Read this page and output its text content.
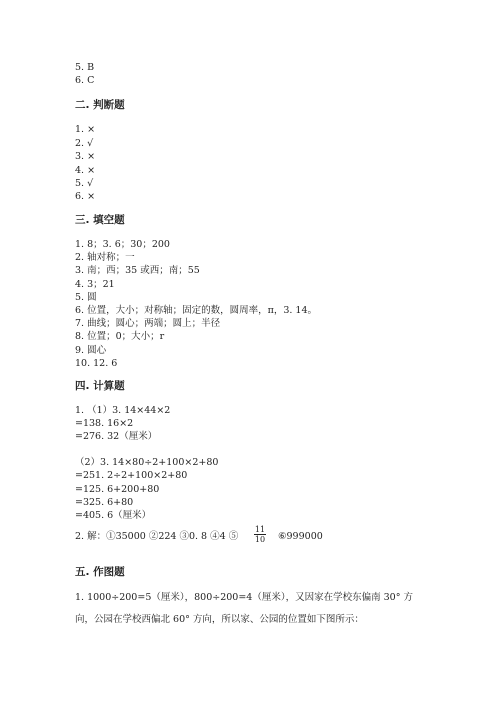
5. B

6. C

二. 判断题

1. ×

2. √

3. ×

4. ×

5. √

6. ×

三. 填空题

1. 8；3. 6；30；200

2. 轴对称；一

3. 南；西；35 或西；南；55

4. 3；21

5. 圆

6. 位置，大小；对称轴；固定的数，圆周率，π，3. 14。

7. 曲线；圆心；两端；圆上；半径

8. 位置；0；大小；r

9. 圆心

10. 12. 6

四. 计算题

1. （1）3. 14×44×2

=138. 16×2

=276. 32（厘米）

（2）3. 14×80÷2+100×2+80

=251. 2÷2+100×2+80

=125. 6+200+80

=325. 6+80

=405. 6（厘米）

2. 解：①35000 ②224 ③0. 8 ④4 ⑤ $\frac{11}{10}$ ⑥999000

五. 作图题

1. 1000÷200=5（厘米），800÷200=4（厘米），又因家在学校东偏南 30° 方

向，公园在学校西偏北 60° 方向，所以家、公园的位置如下图所示：
